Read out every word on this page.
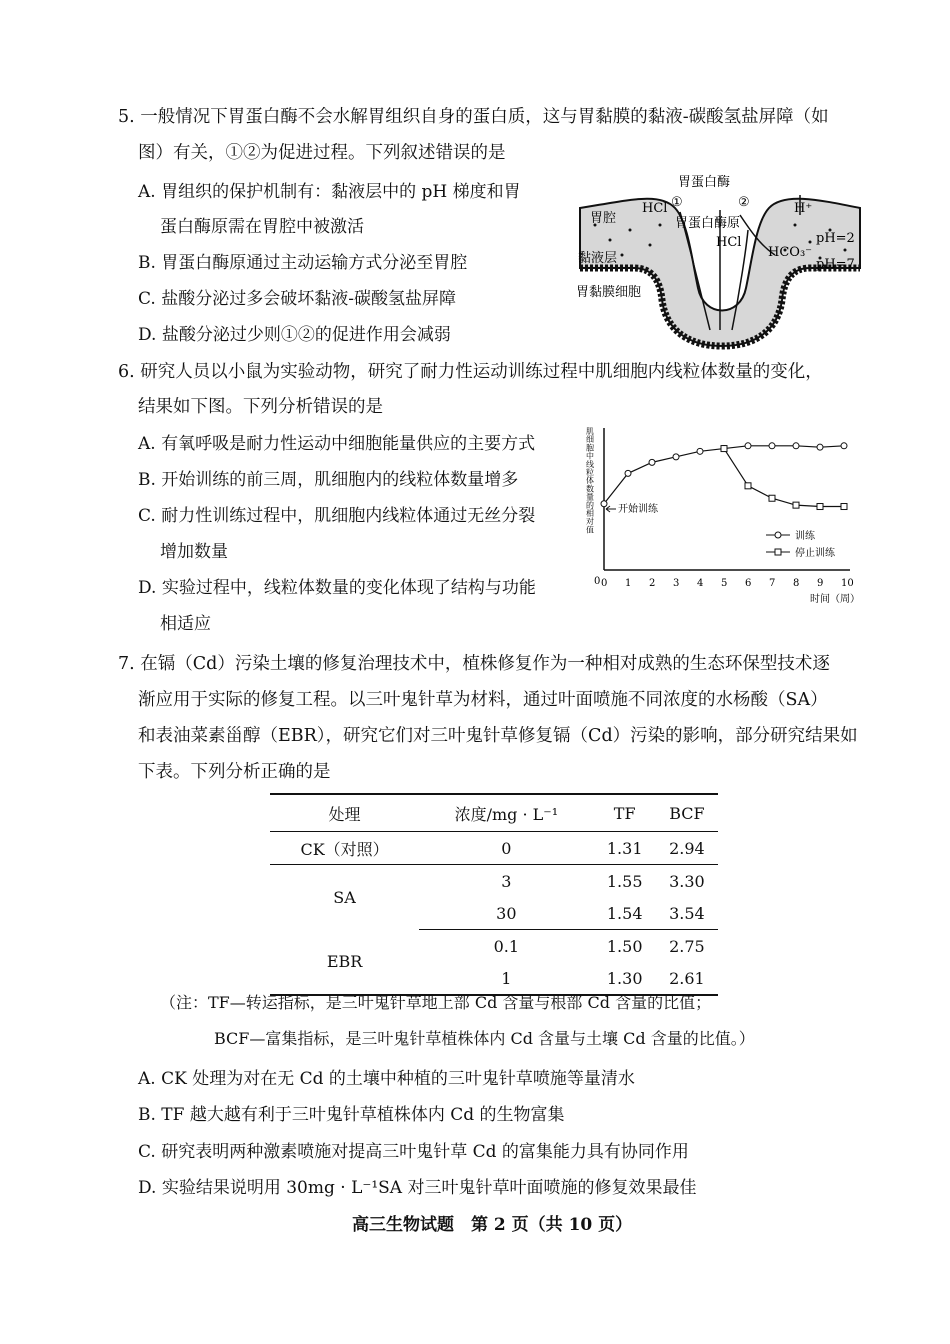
5. 一般情况下胃蛋白酶不会水解胃组织自身的蛋白质，这与胃黏膜的黏液-碳酸氢盐屏障（如
图）有关，①②为促进过程。下列叙述错误的是
A. 胃组织的保护机制有：黏液层中的 pH 梯度和胃
蛋白酶原需在胃腔中被激活
B. 胃蛋白酶原通过主动运输方式分泌至胃腔
C. 盐酸分泌过多会破坏黏液-碳酸氢盐屏障
D. 盐酸分泌过少则①②的促进作用会减弱
胃蛋白酶
HCl ①	②
胃蛋白酶原
H⁺
胃腔
HCl
HCO₃⁻
pH=2
pH=7
黏液层
胃黏膜细胞
6. 研究人员以小鼠为实验动物，研究了耐力性运动训练过程中肌细胞内线粒体数量的变化，
结果如下图。下列分析错误的是
A. 有氧呼吸是耐力性运动中细胞能量供应的主要方式
B. 开始训练的前三周，肌细胞内的线粒体数量增多
C. 耐力性训练过程中，肌细胞内线粒体通过无丝分裂
增加数量
D. 实验过程中，线粒体数量的变化体现了结构与功能
相适应
肌细胞中线粒体数量的相对值
0 1 2 3 4 5 6 7 8 9 10
0
时间（周）
开始训练
训练
停止训练
7. 在镉（Cd）污染土壤的修复治理技术中，植株修复作为一种相对成熟的生态环保型技术逐
渐应用于实际的修复工程。以三叶鬼针草为材料，通过叶面喷施不同浓度的水杨酸（SA）
和表油菜素甾醇（EBR），研究它们对三叶鬼针草修复镉（Cd）污染的影响，部分研究结果如
下表。下列分析正确的是
处理	浓度/mg · L⁻¹	TF	BCF
CK（对照）	0	1.31	2.94
SA	3	1.55	3.30
	30	1.54	3.54
EBR	0.1	1.50	2.75
	1	1.30	2.61
（注：TF—转运指标，是三叶鬼针草地上部 Cd 含量与根部 Cd 含量的比值；
BCF—富集指标，是三叶鬼针草植株体内 Cd 含量与土壤 Cd 含量的比值。）
A. CK 处理为对在无 Cd 的土壤中种植的三叶鬼针草喷施等量清水
B. TF 越大越有利于三叶鬼针草植株体内 Cd 的生物富集
C. 研究表明两种激素喷施对提高三叶鬼针草 Cd 的富集能力具有协同作用
D. 实验结果说明用 30mg · L⁻¹SA 对三叶鬼针草叶面喷施的修复效果最佳
高三生物试题　第 2 页（共 10 页）
